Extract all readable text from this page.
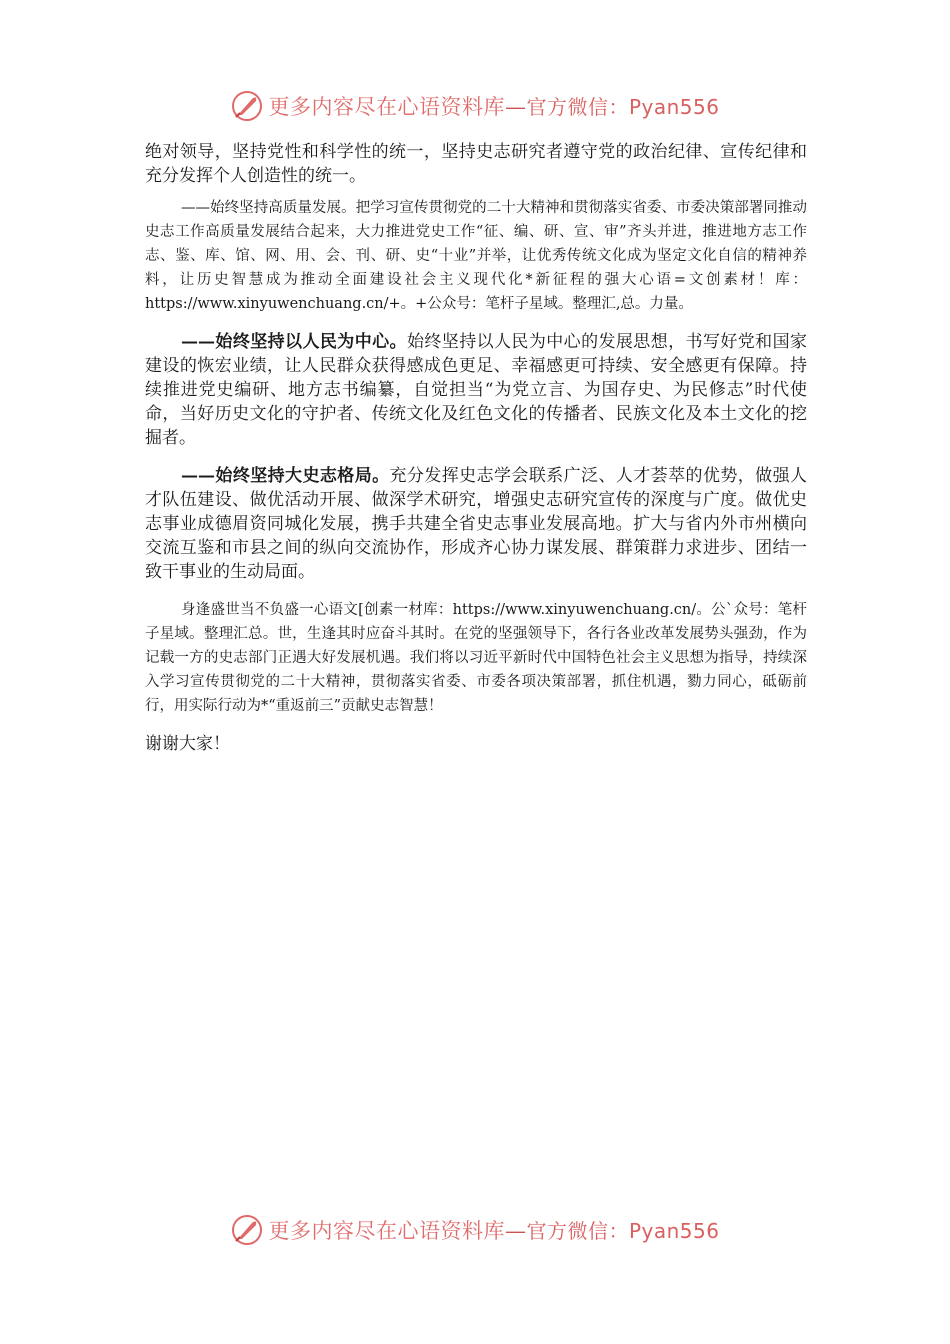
更多内容尽在心语资料库—官方微信：Pyan556

绝对领导，坚持党性和科学性的统一，坚持史志研究者遵守党的政治纪律、宣传纪律和充分发挥个人创造性的统一。

——始终坚持高质量发展。把学习宣传贯彻党的二十大精神和贯彻落实省委、市委决策部署同推动史志工作高质量发展结合起来，大力推进党史工作“征、编、研、宣、审”齐头并进，推进地方志工作志、鉴、库、馆、网、用、会、刊、研、史“十业”并举，让优秀传统文化成为坚定文化自信的精神养料，让历史智慧成为推动全面建设社会主义现代化*新征程的强大心语=文创素材！库：https://www.xinyuwenchuang.cn/+。+公众号：笔杆子星域。整理汇,总。力量。

——始终坚持以人民为中心。始终坚持以人民为中心的发展思想，书写好党和国家建设的恢宏业绩，让人民群众获得感成色更足、幸福感更可持续、安全感更有保障。持续推进党史编研、地方志书编纂，自觉担当“为党立言、为国存史、为民修志”时代使命，当好历史文化的守护者、传统文化及红色文化的传播者、民族文化及本土文化的挖掘者。

——始终坚持大史志格局。充分发挥史志学会联系广泛、人才荟萃的优势，做强人才队伍建设、做优活动开展、做深学术研究，增强史志研究宣传的深度与广度。做优史志事业成德眉资同城化发展，携手共建全省史志事业发展高地。扩大与省内外市州横向交流互鉴和市县之间的纵向交流协作，形成齐心协力谋发展、群策群力求进步、团结一致干事业的生动局面。

身逢盛世当不负盛一心语文[创素一材库：https://www.xinyuwenchuang.cn/。公`众号：笔杆子星域。整理汇总。世，生逢其时应奋斗其时。在党的坚强领导下，各行各业改革发展势头强劲，作为记载一方的史志部门正遇大好发展机遇。我们将以习近平新时代中国特色社会主义思想为指导，持续深入学习宣传贯彻党的二十大精神，贯彻落实省委、市委各项决策部署，抓住机遇，勠力同心，砥砺前行，用实际行动为*“重返前三”贡献史志智慧！

谢谢大家！

更多内容尽在心语资料库—官方微信：Pyan556
